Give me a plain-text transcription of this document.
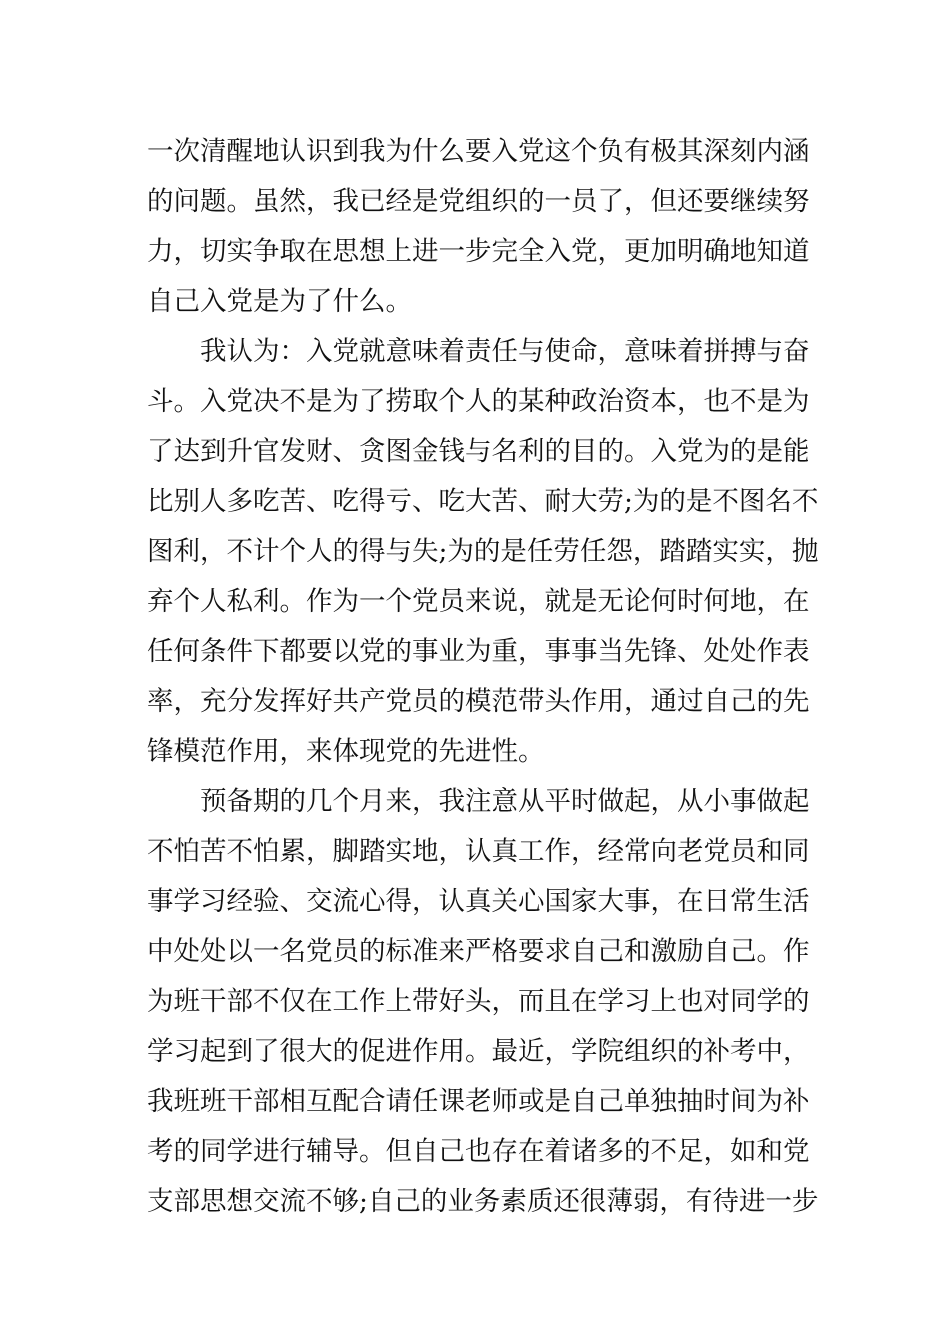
一次清醒地认识到我为什么要入党这个负有极其深刻内涵
的问题。虽然，我已经是党组织的一员了，但还要继续努
力，切实争取在思想上进一步完全入党，更加明确地知道
自己入党是为了什么。
我认为：入党就意味着责任与使命，意味着拼搏与奋
斗。入党决不是为了捞取个人的某种政治资本，也不是为
了达到升官发财、贪图金钱与名利的目的。入党为的是能
比别人多吃苦、吃得亏、吃大苦、耐大劳;为的是不图名不
图利，不计个人的得与失;为的是任劳任怨，踏踏实实，抛
弃个人私利。作为一个党员来说，就是无论何时何地，在
任何条件下都要以党的事业为重，事事当先锋、处处作表
率，充分发挥好共产党员的模范带头作用，通过自己的先
锋模范作用，来体现党的先进性。
预备期的几个月来，我注意从平时做起，从小事做起
不怕苦不怕累，脚踏实地，认真工作，经常向老党员和同
事学习经验、交流心得，认真关心国家大事，在日常生活
中处处以一名党员的标准来严格要求自己和激励自己。作
为班干部不仅在工作上带好头，而且在学习上也对同学的
学习起到了很大的促进作用。最近，学院组织的补考中，
我班班干部相互配合请任课老师或是自己单独抽时间为补
考的同学进行辅导。但自己也存在着诸多的不足，如和党
支部思想交流不够;自己的业务素质还很薄弱，有待进一步
